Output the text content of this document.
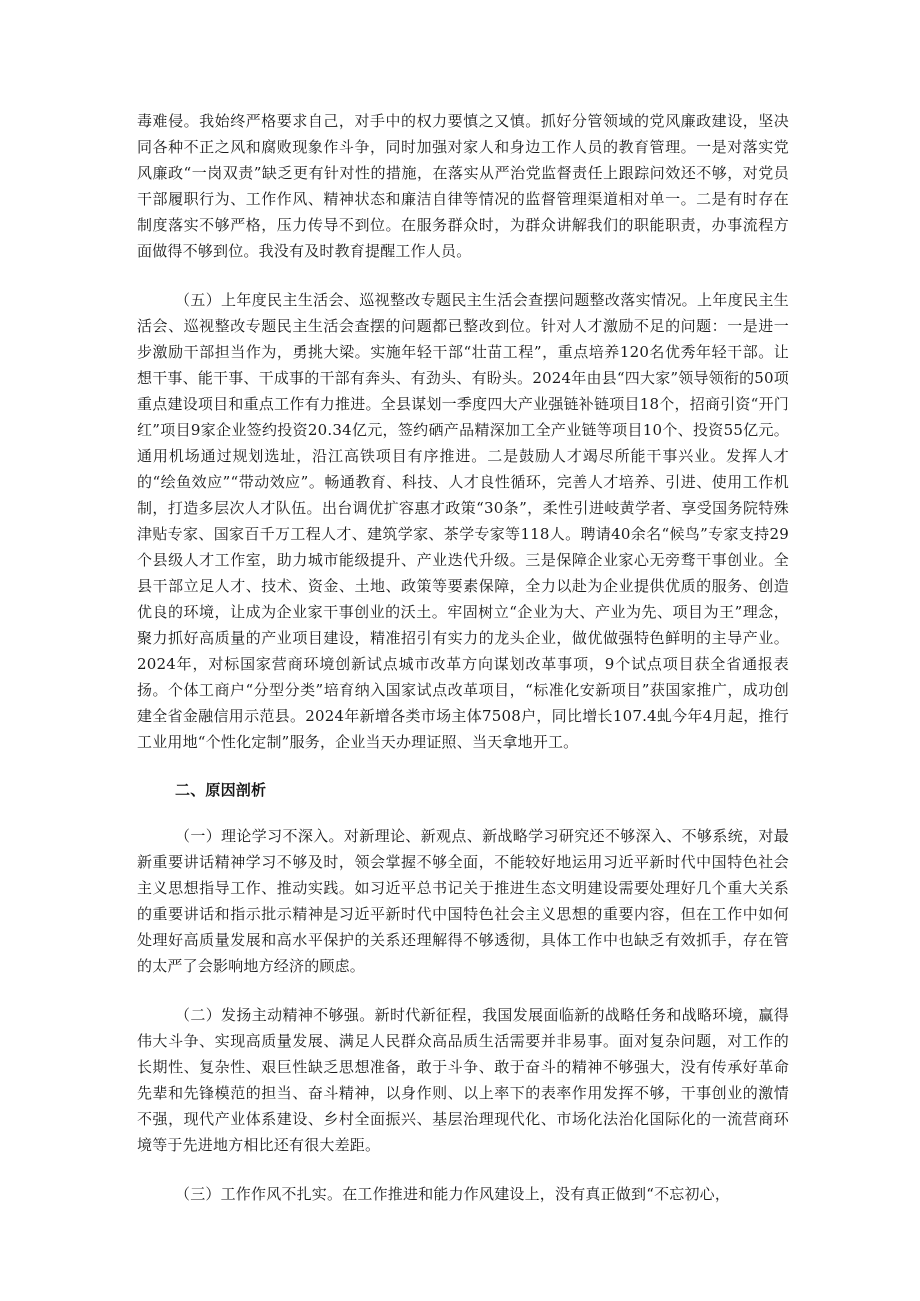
毒难侵。我始终严格要求自己，对手中的权力要慎之又慎。抓好分管领域的党风廉政建设，坚决同各种不正之风和腐败现象作斗争，同时加强对家人和身边工作人员的教育管理。一是对落实党风廉政“一岗双责”缺乏更有针对性的措施，在落实从严治党监督责任上跟踪问效还不够，对党员干部履职行为、工作作风、精神状态和廉洁自律等情况的监督管理渠道相对单一。二是有时存在制度落实不够严格，压力传导不到位。在服务群众时，为群众讲解我们的职能职责，办事流程方面做得不够到位。我没有及时教育提醒工作人员。

（五）上年度民主生活会、巡视整改专题民主生活会查摆问题整改落实情况。上年度民主生活会、巡视整改专题民主生活会查摆的问题都已整改到位。针对人才激励不足的问题：一是进一步激励干部担当作为，勇挑大梁。实施年轻干部“壮苗工程”，重点培养120名优秀年轻干部。让想干事、能干事、干成事的干部有奔头、有劲头、有盼头。2024年由县“四大家”领导领衔的50项重点建设项目和重点工作有力推进。全县谋划一季度四大产业强链补链项目18个，招商引资“开门红”项目9家企业签约投资20.34亿元，签约硒产品精深加工全产业链等项目10个、投资55亿元。通用机场通过规划选址，沿江高铁项目有序推进。二是鼓励人才竭尽所能干事兴业。发挥人才的“绘鱼效应”“带动效应”。畅通教育、科技、人才良性循环，完善人才培养、引进、使用工作机制，打造多层次人才队伍。出台调优扩容惠才政策“30条”，柔性引进岐黄学者、享受国务院特殊津贴专家、国家百千万工程人才、建筑学家、茶学专家等118人。聘请40余名“候鸟”专家支持29个县级人才工作室，助力城市能级提升、产业迭代升级。三是保障企业家心无旁骛干事创业。全县干部立足人才、技术、资金、土地、政策等要素保障，全力以赴为企业提供优质的服务、创造优良的环境，让成为企业家干事创业的沃土。牢固树立“企业为大、产业为先、项目为王”理念，聚力抓好高质量的产业项目建设，精准招引有实力的龙头企业，做优做强特色鲜明的主导产业。2024年，对标国家营商环境创新试点城市改革方向谋划改革事项，9个试点项目获全省通报表扬。个体工商户“分型分类”培育纳入国家试点改革项目，“标准化安新项目”获国家推广，成功创建全省金融信用示范县。2024年新增各类市场主体7508户，同比增长107.4虬今年4月起，推行工业用地“个性化定制”服务，企业当天办理证照、当天拿地开工。

二、原因剖析

（一）理论学习不深入。对新理论、新观点、新战略学习研究还不够深入、不够系统，对最新重要讲话精神学习不够及时，领会掌握不够全面，不能较好地运用习近平新时代中国特色社会主义思想指导工作、推动实践。如习近平总书记关于推进生态文明建设需要处理好几个重大关系的重要讲话和指示批示精神是习近平新时代中国特色社会主义思想的重要内容，但在工作中如何处理好高质量发展和高水平保护的关系还理解得不够透彻，具体工作中也缺乏有效抓手，存在管的太严了会影响地方经济的顾虑。

（二）发扬主动精神不够强。新时代新征程，我国发展面临新的战略任务和战略环境，赢得伟大斗争、实现高质量发展、满足人民群众高品质生活需要并非易事。面对复杂问题，对工作的长期性、复杂性、艰巨性缺乏思想准备，敢于斗争、敢于奋斗的精神不够强大，没有传承好革命先辈和先锋模范的担当、奋斗精神，以身作则、以上率下的表率作用发挥不够，干事创业的激情不强，现代产业体系建设、乡村全面振兴、基层治理现代化、市场化法治化国际化的一流营商环境等于先进地方相比还有很大差距。

（三）工作作风不扎实。在工作推进和能力作风建设上，没有真正做到“不忘初心，
